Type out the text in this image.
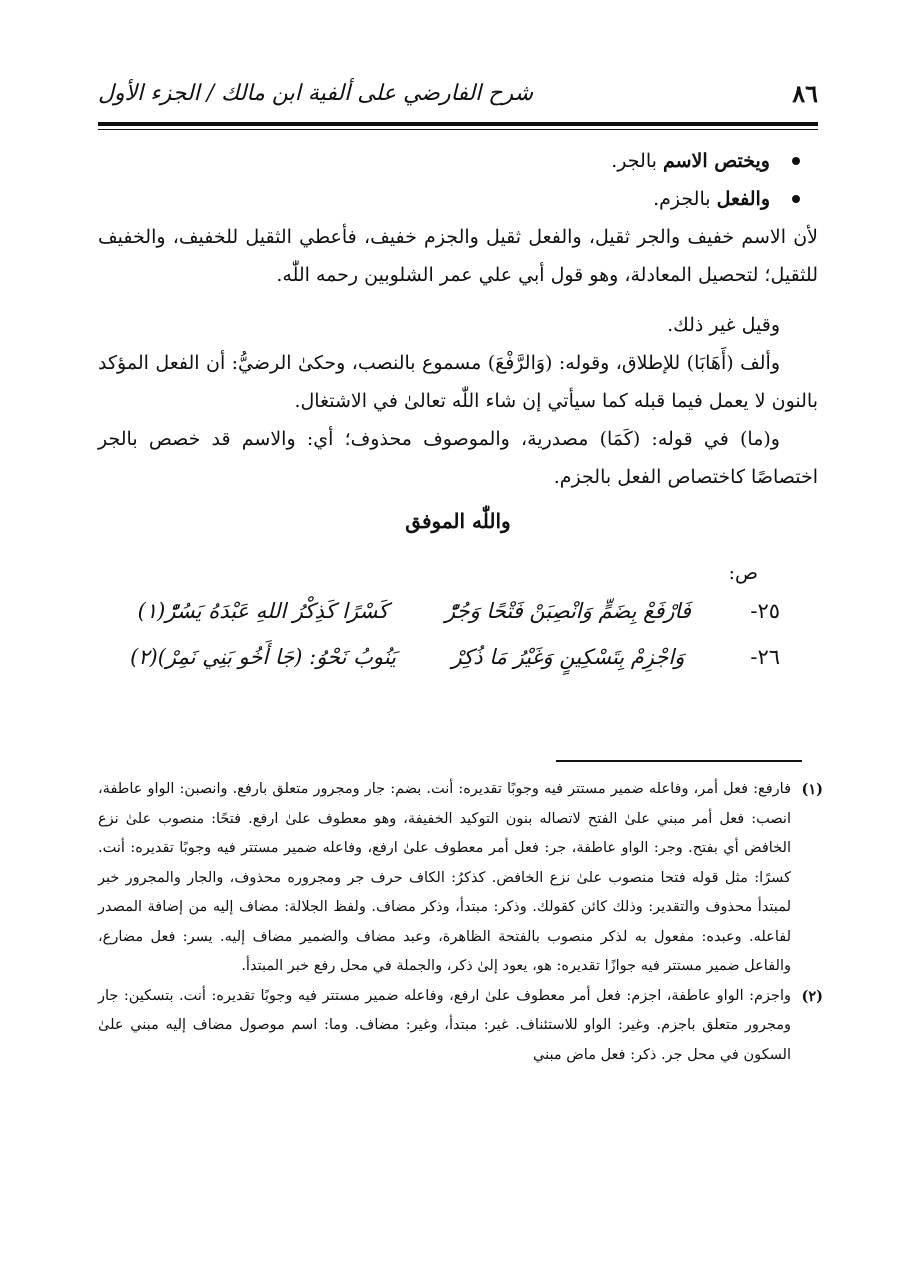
٨٦
شرح الفارضي على ألفية ابن مالك / الجزء الأول
ويختص الاسم بالجر.
والفعل بالجزم.

لأن الاسم خفيف والجر ثقيل، والفعل ثقيل والجزم خفيف، فأعطي الثقيل للخفيف، والخفيف للثقيل؛ لتحصيل المعادلة، وهو قول أبي علي عمر الشلوبين رحمه اللّٰه.

وقيل غير ذلك.

وألف (أَهَابَا) للإطلاق، وقوله: (وَالرَّفْعَ) مسموع بالنصب، وحكىٰ الرضيُّ: أن الفعل المؤكد بالنون لا يعمل فيما قبله كما سيأتي إن شاء اللّٰه تعالىٰ في الاشتغال.

و(ما) في قوله: (كَمَا) مصدرية، والموصوف محذوف؛ أي: والاسم قد خصص بالجر اختصاصًا كاختصاص الفعل بالجزم.

واللّٰه الموفق
ص:
٢٥-
فَارْفَعْ بِضَمٍّ وَانْصِبَنْ فَتْحًا وَجُرّْ
كَسْرًا كَذِكْرُ اللهِ عَبْدَهُ يَسُرّْ(١)
٢٦-
وَاجْزِمْ بِتَسْكِينٍ وَغَيْرُ مَا ذُكِرْ
يَنُوبُ نَحْوُ: (جَا أَخُو بَنِي نَمِرْ)(٢)
(١)
فارفع: فعل أمر، وفاعله ضمير مستتر فيه وجوبًا تقديره: أنت. بضم: جار ومجرور متعلق بارفع. وانصبن: الواو عاطفة، انصب: فعل أمر مبني علىٰ الفتح لاتصاله بنون التوكيد الخفيفة، وهو معطوف علىٰ ارفع. فتحًا: منصوب علىٰ نزع الخافض أي بفتح. وجر: الواو عاطفة، جر: فعل أمر معطوف علىٰ ارفع، وفاعله ضمير مستتر فيه وجوبًا تقديره: أنت. كسرًا: مثل قوله فتحا منصوب علىٰ نزع الخافض. كذكرُ: الكاف حرف جر ومجروره محذوف، والجار والمجرور خبر لمبتدأ محذوف والتقدير: وذلك كائن كقولك. وذكر: مبتدأ، وذكر مضاف. ولفظ الجلالة: مضاف إليه من إضافة المصدر لفاعله. وعبده: مفعول به لذكر منصوب بالفتحة الظاهرة، وعبد مضاف والضمير مضاف إليه. يسر: فعل مضارع، والفاعل ضمير مستتر فيه جوازًا تقديره: هو، يعود إلىٰ ذكر، والجملة في محل رفع خبر المبتدأ.
(٢)
واجزم: الواو عاطفة، اجزم: فعل أمر معطوف علىٰ ارفع، وفاعله ضمير مستتر فيه وجوبًا تقديره: أنت. بتسكين: جار ومجرور متعلق باجزم. وغير: الواو للاستئناف. غير: مبتدأ، وغير: مضاف. وما: اسم موصول مضاف إليه مبني علىٰ السكون في محل جر. ذكر: فعل ماض مبني
